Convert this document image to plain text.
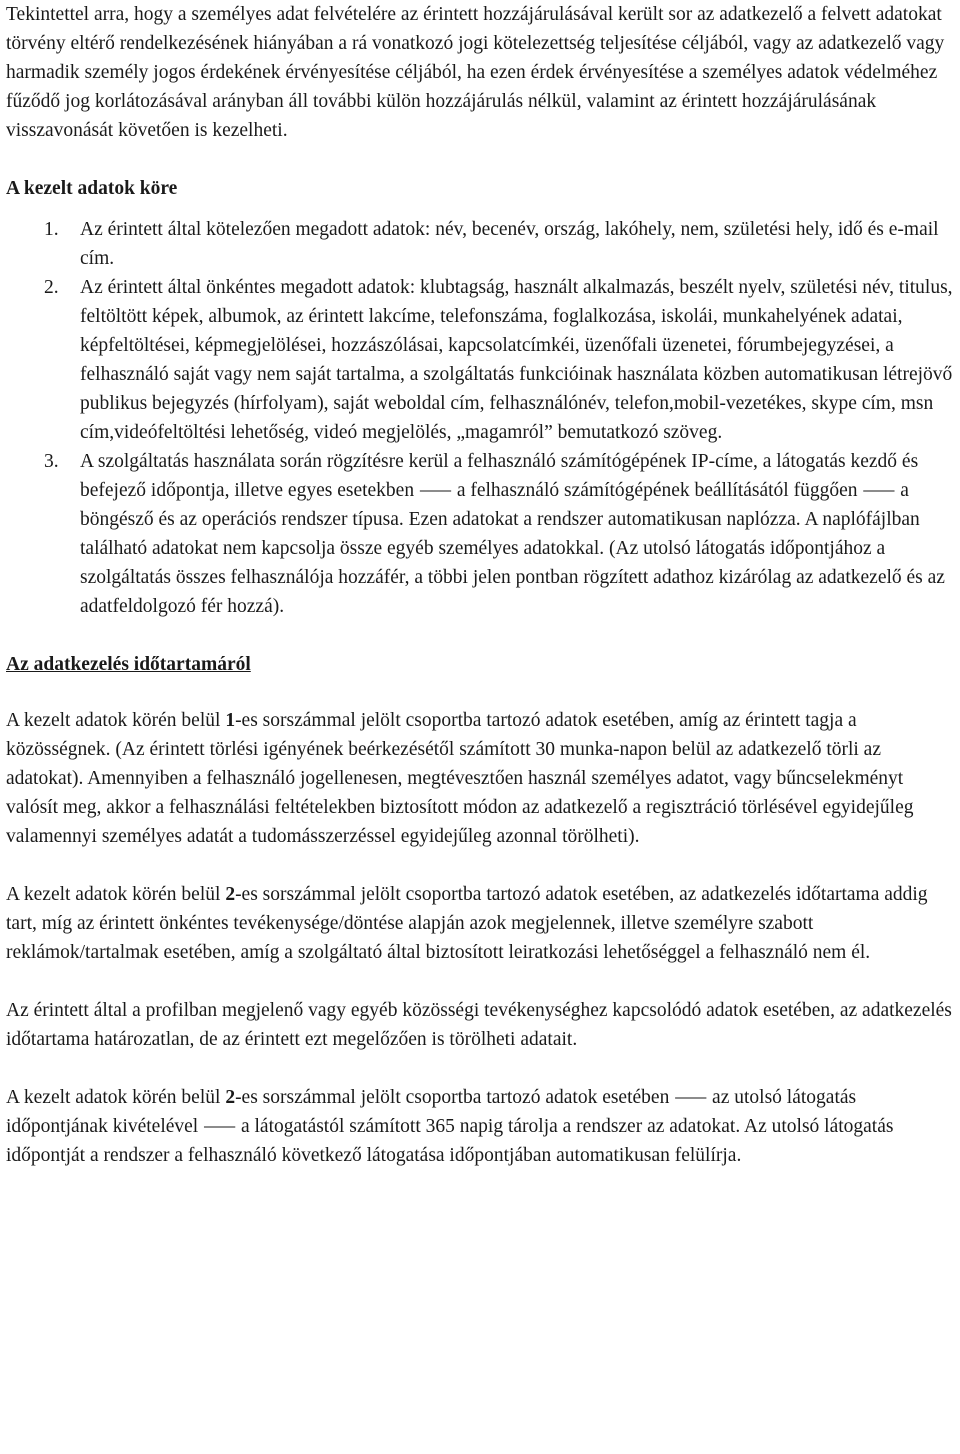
Tekintettel arra, hogy a személyes adat felvételére az érintett hozzájárulásával került sor az adatkezelő a felvett adatokat törvény eltérő rendelkezésének hiányában a rá vonatkozó jogi kötelezettség teljesítése céljából, vagy az adatkezelő vagy harmadik személy jogos érdekének érvényesítése céljából, ha ezen érdek érvényesítése a személyes adatok védelméhez fűződő jog korlátozásával arányban áll további külön hozzájárulás nélkül, valamint az érintett hozzájárulásának visszavonását követően is kezelheti.

A kezelt adatok köre

1. Az érintett által kötelezően megadott adatok: név, becenév, ország, lakóhely, nem, születési hely, idő és e-mail cím.
2. Az érintett által önkéntes megadott adatok: klubtagság, használt alkalmazás, beszélt nyelv, születési név, titulus, feltöltött képek, albumok, az érintett lakcíme, telefonszáma, foglalkozása, iskolái, munkahelyének adatai, képfeltöltései, képmegjelölései, hozzászólásai, kapcsolatcímkéi, üzenőfali üzenetei, fórumbejegyzései, a felhasználó saját vagy nem saját tartalma, a szolgáltatás funkcióinak használata közben automatikusan létrejövő publikus bejegyzés (hírfolyam), saját weboldal cím, felhasználónév, telefon,mobil-vezetékes, skype cím, msn cím,videófeltöltési lehetőség, videó megjelölés, „magamról” bemutatkozó szöveg.
3. A szolgáltatás használata során rögzítésre kerül a felhasználó számítógépének IP-címe, a látogatás kezdő és befejező időpontja, illetve egyes esetekben ⸺ a felhasználó számítógépének beállításától függően ⸺ a böngésző és az operációs rendszer típusa. Ezen adatokat a rendszer automatikusan naplózza. A naplófájlban található adatokat nem kapcsolja össze egyéb személyes adatokkal. (Az utolsó látogatás időpontjához a szolgáltatás összes felhasználója hozzáfér, a többi jelen pontban rögzített adathoz kizárólag az adatkezelő és az adatfeldolgozó fér hozzá).

Az adatkezelés időtartamáról

A kezelt adatok körén belül 1-es sorszámmal jelölt csoportba tartozó adatok esetében, amíg az érintett tagja a közösségnek. (Az érintett törlési igényének beérkezésétől számított 30 munka-napon belül az adatkezelő törli az adatokat). Amennyiben a felhasználó jogellenesen, megtévesztően használ személyes adatot, vagy bűncselekményt valósít meg, akkor a felhasználási feltételekben biztosított módon az adatkezelő a regisztráció törlésével egyidejűleg valamennyi személyes adatát a tudomásszerzéssel egyidejűleg azonnal törölheti).

A kezelt adatok körén belül 2-es sorszámmal jelölt csoportba tartozó adatok esetében, az adatkezelés időtartama addig tart, míg az érintett önkéntes tevékenysége/döntése alapján azok megjelennek, illetve személyre szabott reklámok/tartalmak esetében, amíg a szolgáltató által biztosított leiratkozási lehetőséggel a felhasználó nem él.

Az érintett által a profilban megjelenő vagy egyéb közösségi tevékenységhez kapcsolódó adatok esetében, az adatkezelés időtartama határozatlan, de az érintett ezt megelőzően is törölheti adatait.

A kezelt adatok körén belül 2-es sorszámmal jelölt csoportba tartozó adatok esetében ⸺ az utolsó látogatás időpontjának kivételével ⸺ a látogatástól számított 365 napig tárolja a rendszer az adatokat. Az utolsó látogatás időpontját a rendszer a felhasználó következő látogatása időpontjában automatikusan felülírja.
